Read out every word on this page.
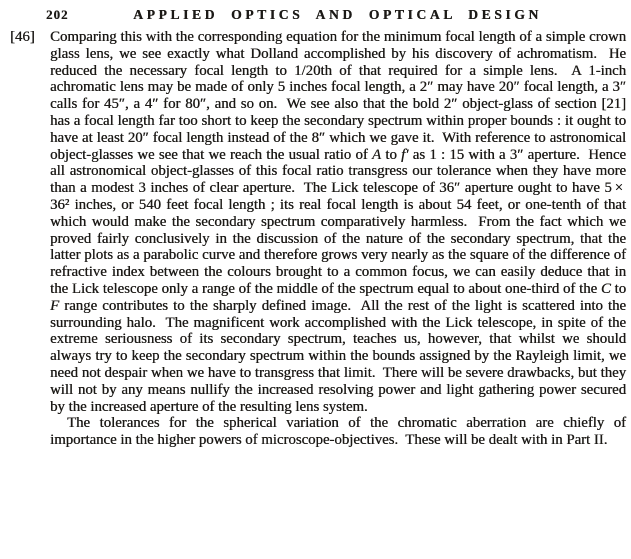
202	APPLIED OPTICS AND OPTICAL DESIGN

[46] Comparing this with the corresponding equation for the minimum focal length of a simple crown glass lens, we see exactly what Dolland accomplished by his discovery of achromatism.  He reduced the necessary focal length to 1/20th of that required for a simple lens.  A 1-inch achromatic lens may be made of only 5 inches focal length, a 2″ may have 20″ focal length, a 3″ calls for 45″, a 4″ for 80″, and so on.  We see also that the bold 2″ object-glass of section [21] has a focal length far too short to keep the secondary spectrum within proper bounds : it ought to have at least 20″ focal length instead of the 8″ which we gave it.  With reference to astronomical object-glasses we see that we reach the usual ratio of A to f′ as 1 : 15 with a 3″ aperture.  Hence all astronomical object-glasses of this focal ratio transgress our tolerance when they have more than a modest 3 inches of clear aperture.  The Lick telescope of 36″ aperture ought to have 5 × 36² inches, or 540 feet focal length ; its real focal length is about 54 feet, or one-tenth of that which would make the secondary spectrum comparatively harmless.  From the fact which we proved fairly conclusively in the discussion of the nature of the secondary spectrum, that the latter plots as a parabolic curve and therefore grows very nearly as the square of the difference of refractive index between the colours brought to a common focus, we can easily deduce that in the Lick telescope only a range of the middle of the spectrum equal to about one-third of the C to F range contributes to the sharply defined image.  All the rest of the light is scattered into the surrounding halo.  The magnificent work accomplished with the Lick telescope, in spite of the extreme seriousness of its secondary spectrum, teaches us, however, that whilst we should always try to keep the secondary spectrum within the bounds assigned by the Rayleigh limit, we need not despair when we have to transgress that limit.  There will be severe drawbacks, but they will not by any means nullify the increased resolving power and light gathering power secured by the increased aperture of the resulting lens system.

The tolerances for the spherical variation of the chromatic aberration are chiefly of importance in the higher powers of microscope-objectives.  These will be dealt with in Part II.
